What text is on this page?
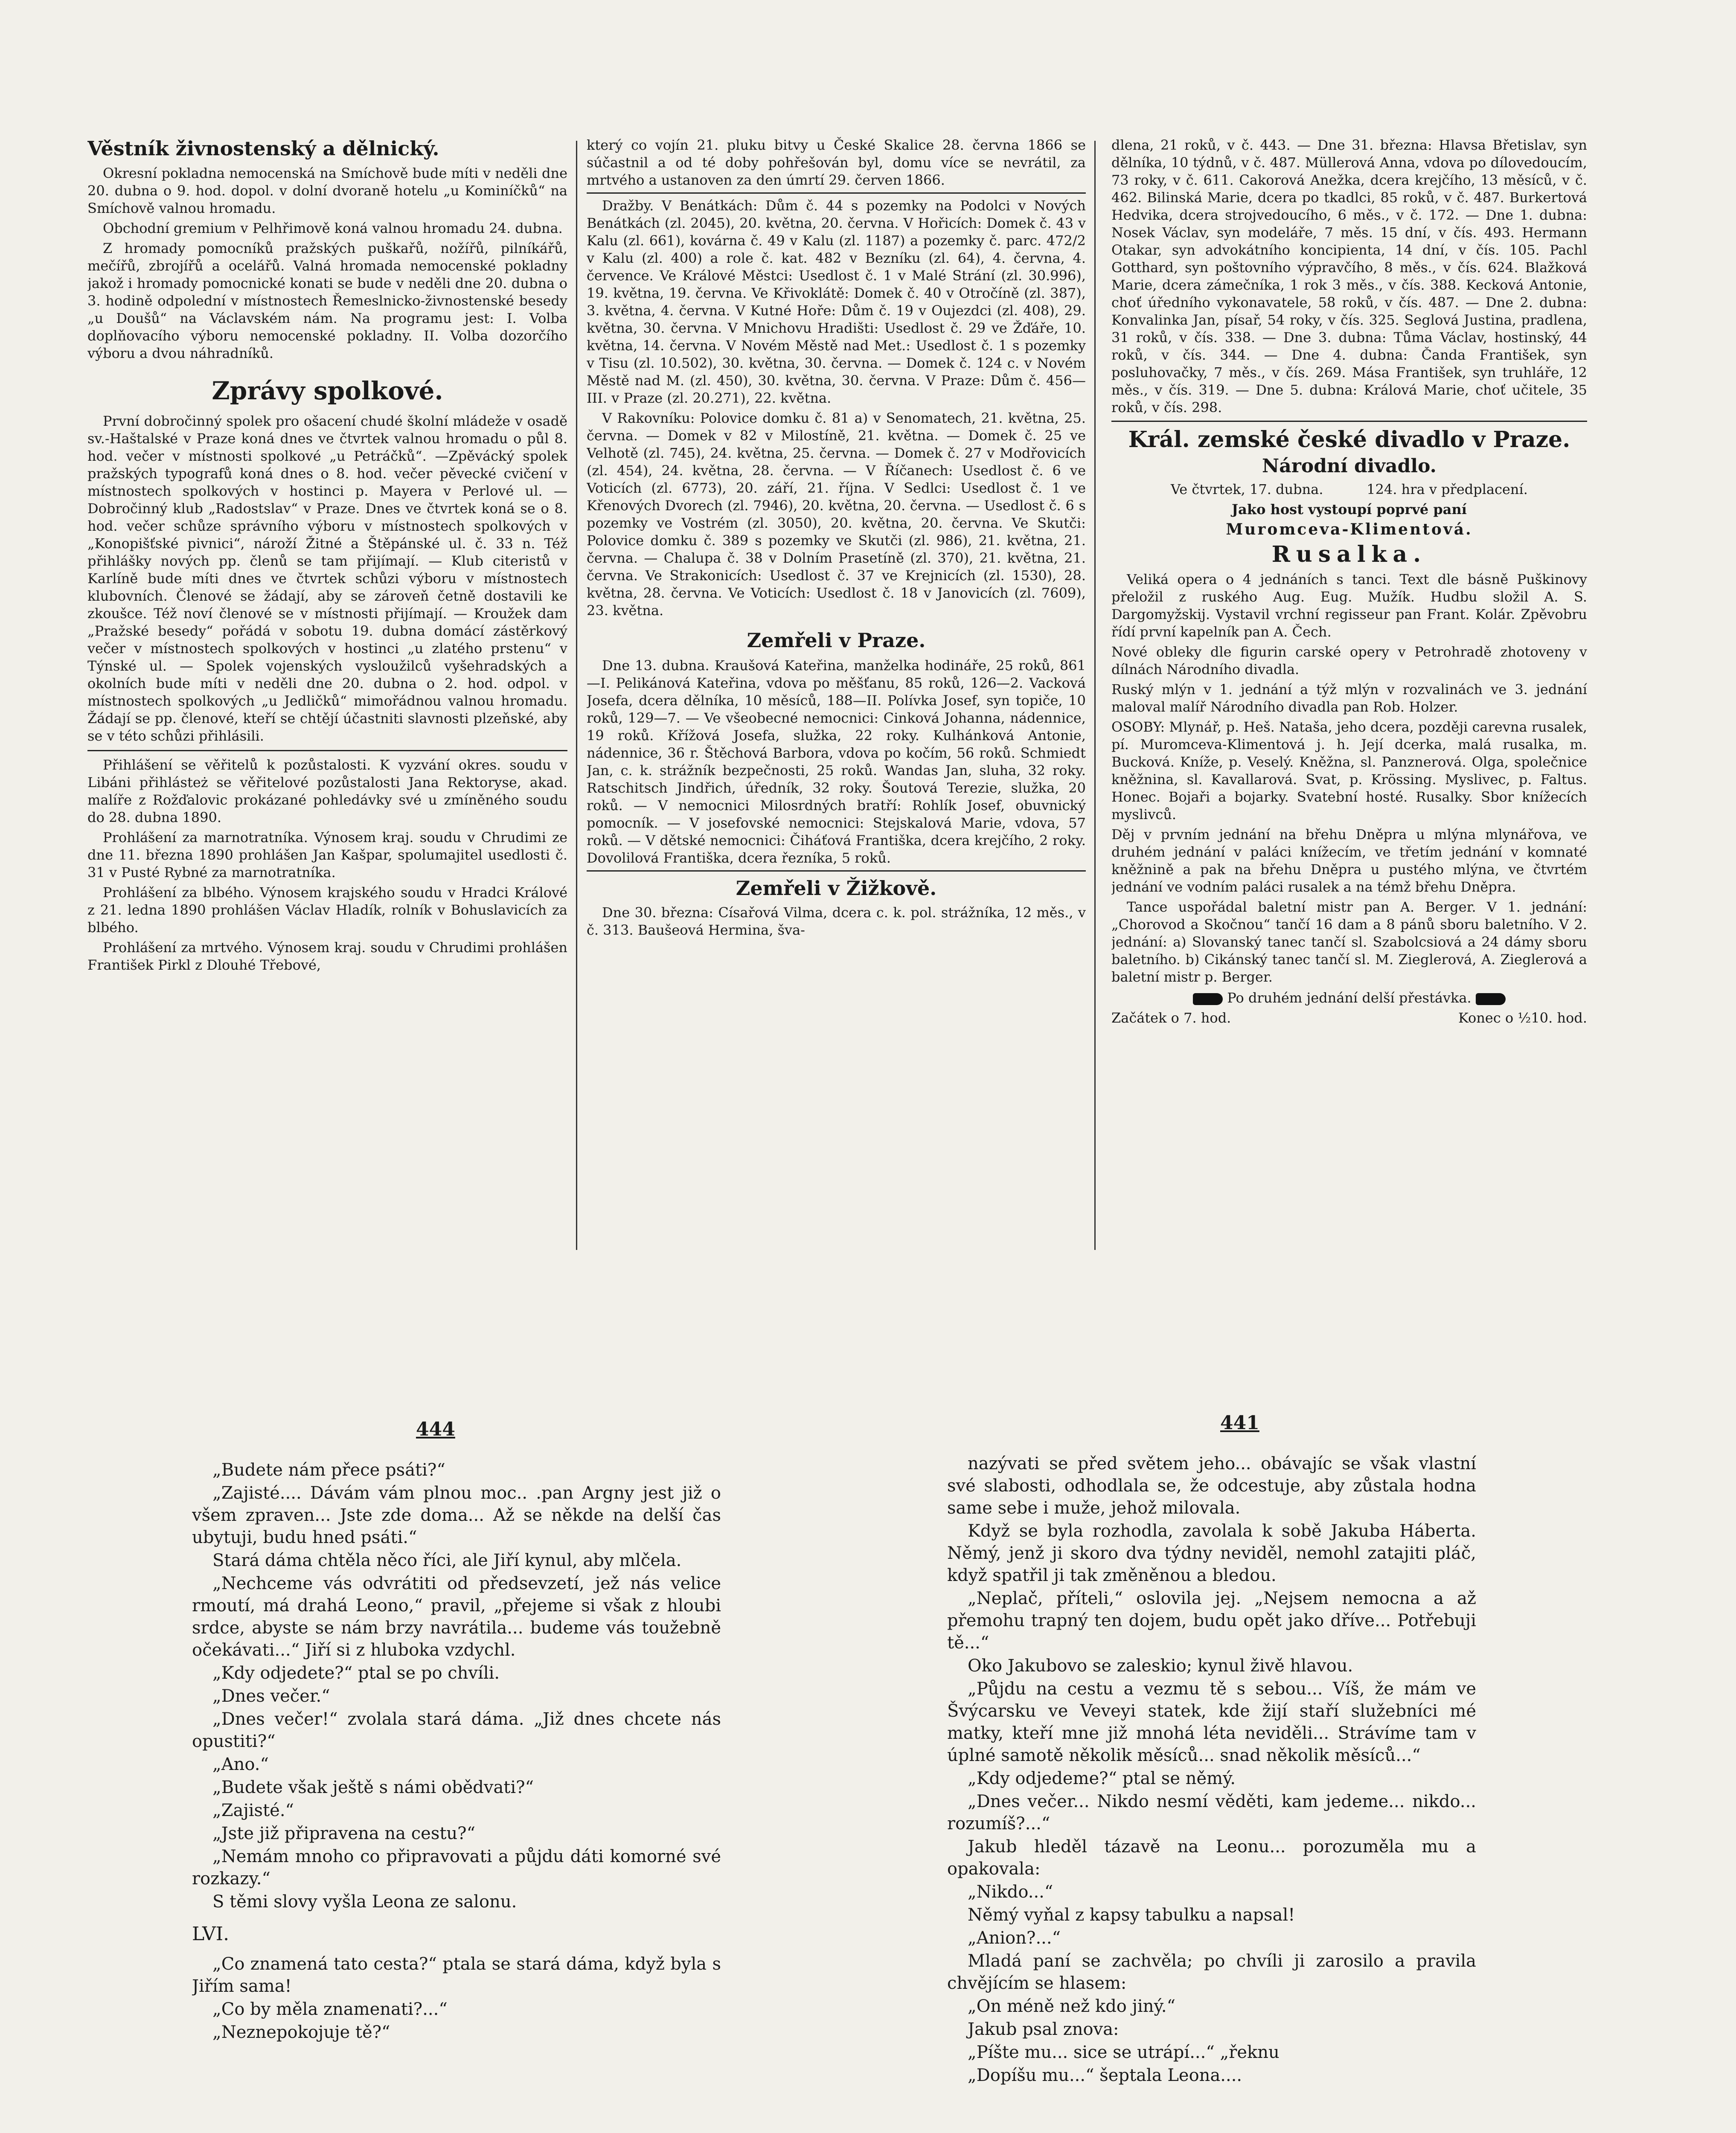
Věstník živnostenský a dělnický.

Okresní pokladna nemocenská na Smíchově bude míti v neděli dne 20. dubna o 9. hod. dopol. v dolní dvoraně hotelu „u Kominíčků“ na Smíchově valnou hromadu.

Obchodní gremium v Pelhřimově koná valnou hromadu 24. dubna.

Z hromady pomocníků pražských puškařů, nožířů, pilníkářů, mečířů, zbrojířů a ocelářů. Valná hromada nemocenské pokladny jakož i hromady pomocnické konati se bude v neděli dne 20. dubna o 3. hodině odpolední v místnostech Řemeslnicko-živnostenské besedy „u Doušů“ na Václavském nám. Na programu jest: I. Volba doplňovacího výboru nemocenské pokladny. II. Volba dozorčího výboru a dvou náhradníků.

Zprávy spolkové.

První dobročinný spolek pro ošacení chudé školní mládeže v osadě sv.-Haštalské v Praze koná dnes ve čtvrtek valnou hromadu o půl 8. hod. večer v místnosti spolkové „u Petráčků“. —Zpěvácký spolek pražských typografů koná dnes o 8. hod. večer pěvecké cvičení v místnostech spolkových v hostinci p. Mayera v Perlové ul. — Dobročinný klub „Radostslav“ v Praze. Dnes ve čtvrtek koná se o 8. hod. večer schůze správního výboru v místnostech spolkových v „Konopišťské pivnici“, nároží Žitné a Štěpánské ul. č. 33 n. Též přihlášky nových pp. členů se tam přijímají. — Klub citeristů v Karlíně bude míti dnes ve čtvrtek schůzi výboru v místnostech klubovních. Členové se žádají, aby se zároveň četně dostavili ke zkoušce. Též noví členové se v místnosti přijímají. — Kroužek dam „Pražské besedy“ pořádá v sobotu 19. dubna domácí zástěrkový večer v místnostech spolkových v hostinci „u zlatého prstenu“ v Týnské ul. — Spolek vojenských vysloužilců vyšehradských a okolních bude míti v neděli dne 20. dubna o 2. hod. odpol. v místnostech spolkových „u Jedličků“ mimořádnou valnou hromadu. Žádají se pp. členové, kteří se chtějí účastniti slavnosti plzeňské, aby se v této schůzi přihlásili.

Přihlášení se věřitelů k pozůstalosti. K vyzvání okres. soudu v Libáni přihlásteż se věřitelové pozůstalosti Jana Rektoryse, akad. malíře z Rožďalovic prokázané pohledávky své u zmíněného soudu do 28. dubna 1890.

Prohlášení za marnotratníka. Výnosem kraj. soudu v Chrudimi ze dne 11. března 1890 prohlášen Jan Kašpar, spolumajitel usedlosti č. 31 v Pusté Rybné za marnotratníka.

Prohlášení za blbého. Výnosem krajského soudu v Hradci Králové z 21. ledna 1890 prohlášen Václav Hladík, rolník v Bohuslavicích za blbého.

Prohlášení za mrtvého. Výnosem kraj. soudu v Chrudimi prohlášen František Pirkl z Dlouhé Třebové,

který co vojín 21. pluku bitvy u České Skalice 28. června 1866 se súčastnil a od té doby pohřešován byl, domu více se nevrátil, za mrtvého a ustanoven za den úmrtí 29. červen 1866.

Dražby. V Benátkách: Dům č. 44 s pozemky na Podolci v Nových Benátkách (zl. 2045), 20. května, 20. června. V Hořicích: Domek č. 43 v Kalu (zl. 661), kovárna č. 49 v Kalu (zl. 1187) a pozemky č. parc. 472/2 v Kalu (zl. 400) a role č. kat. 482 v Bezníku (zl. 64), 4. června, 4. července. Ve Králové Městci: Usedlost č. 1 v Malé Strání (zl. 30.996), 19. května, 19. června. Ve Křivoklátě: Domek č. 40 v Otročíně (zl. 387), 3. května, 4. června. V Kutné Hoře: Dům č. 19 v Oujezdci (zl. 408), 29. května, 30. června. V Mnichovu Hradišti: Usedlost č. 29 ve Žďáře, 10. května, 14. června. V Novém Městě nad Met.: Usedlost č. 1 s pozemky v Tisu (zl. 10.502), 30. května, 30. června. — Domek č. 124 c. v Novém Městě nad M. (zl. 450), 30. května, 30. června. V Praze: Dům č. 456—III. v Praze (zl. 20.271), 22. května.

V Rakovníku: Polovice domku č. 81 a) v Senomatech, 21. května, 25. června. — Domek v 82 v Milostíně, 21. května. — Domek č. 25 ve Velhotě (zl. 745), 24. května, 25. června. — Domek č. 27 v Modřovicích (zl. 454), 24. května, 28. června. — V Říčanech: Usedlost č. 6 ve Voticích (zl. 6773), 20. září, 21. října. V Sedlci: Usedlost č. 1 ve Křenových Dvorech (zl. 7946), 20. května, 20. června. — Usedlost č. 6 s pozemky ve Vostrém (zl. 3050), 20. května, 20. června. Ve Skutči: Polovice domku č. 389 s pozemky ve Skutči (zl. 986), 21. května, 21. června. — Chalupa č. 38 v Dolním Prasetíně (zl. 370), 21. května, 21. června. Ve Strakonicích: Usedlost č. 37 ve Krejnicích (zl. 1530), 28. května, 28. června. Ve Voticích: Usedlost č. 18 v Janovicích (zl. 7609), 23. května.

Zemřeli v Praze.

Dne 13. dubna. Kraušová Kateřina, manželka hodináře, 25 roků, 861—I. Pelikánová Kateřina, vdova po měšťanu, 85 roků, 126—2. Vacková Josefa, dcera dělníka, 10 měsíců, 188—II. Polívka Josef, syn topiče, 10 roků, 129—7. — Ve všeobecné nemocnici: Cinková Johanna, nádennice, 19 roků. Křížová Josefa, služka, 22 roky. Kulhánková Antonie, nádennice, 36 r. Štěchová Barbora, vdova po kočím, 56 roků. Schmiedt Jan, c. k. strážník bezpečnosti, 25 roků. Wandas Jan, sluha, 32 roky. Ratschitsch Jindřich, úředník, 32 roky. Šoutová Terezie, služka, 20 roků. — V nemocnici Milosrdných bratří: Rohlík Josef, obuvnický pomocník. — V josefovské nemocnici: Stejskalová Marie, vdova, 57 roků. — V dětské nemocnici: Čiháťová Františka, dcera krejčího, 2 roky. Dovolilová Františka, dcera řezníka, 5 roků.

Zemřeli v Žižkově.

Dne 30. března: Císařová Vilma, dcera c. k. pol. strážníka, 12 měs., v č. 313. Baušeová Hermina, šva-

dlena, 21 roků, v č. 443. — Dne 31. března: Hlavsa Břetislav, syn dělníka, 10 týdnů, v č. 487. Müllerová Anna, vdova po dílovedoucím, 73 roky, v č. 611. Cakorová Anežka, dcera krejčího, 13 měsíců, v č. 462. Bilinská Marie, dcera po tkadlci, 85 roků, v č. 487. Burkertová Hedvika, dcera strojvedoucího, 6 měs., v č. 172. — Dne 1. dubna: Nosek Václav, syn modeláře, 7 měs. 15 dní, v čís. 493. Hermann Otakar, syn advokátního koncipienta, 14 dní, v čís. 105. Pachl Gotthard, syn poštovního výpravčího, 8 měs., v čís. 624. Blažková Marie, dcera zámečníka, 1 rok 3 měs., v čís. 388. Kecková Antonie, choť úředního vykonavatele, 58 roků, v čís. 487. — Dne 2. dubna: Konvalinka Jan, písař, 54 roky, v čís. 325. Seglová Justina, pradlena, 31 roků, v čís. 338. — Dne 3. dubna: Tůma Václav, hostinský, 44 roků, v čís. 344. — Dne 4. dubna: Čanda František, syn posluhovačky, 7 měs., v čís. 269. Mása František, syn truhláře, 12 měs., v čís. 319. — Dne 5. dubna: Králová Marie, choť učitele, 35 roků, v čís. 298.

Král. zemské české divadlo v Praze.

Národní divadlo.

Ve čtvrtek, 17. dubna.          124. hra v předplacení.

Jako host vystoupí poprvé paní

Muromceva-Klimentová.

Rusalka.

Veliká opera o 4 jednáních s tanci. Text dle básně Puškinovy přeložil z ruského Aug. Eug. Mužík. Hudbu složil A. S. Dargomyžskij. Vystavil vrchní regisseur pan Frant. Kolár. Zpěvobru řídí první kapelník pan A. Čech.

Nové obleky dle figurin carské opery v Petrohradě zhotoveny v dílnách Národního divadla.

Ruský mlýn v 1. jednání a týž mlýn v rozvalinách ve 3. jednání maloval malíř Národního divadla pan Rob. Holzer.

OSOBY: Mlynář, p. Heš. Nataša, jeho dcera, později carevna rusalek, pí. Muromceva-Klimentová j. h. Její dcerka, malá rusalka, m. Bucková. Kníže, p. Veselý. Kněžna, sl. Panznerová. Olga, společnice kněžnina, sl. Kavallarová. Svat, p. Krössing. Myslivec, p. Faltus. Honec. Bojaři a bojarky. Svatební hosté. Rusalky. Sbor knížecích myslivců.

Děj v prvním jednání na břehu Dněpra u mlýna mlynářova, ve druhém jednání v paláci knížecím, ve třetím jednání v komnaté kněžnině a pak na břehu Dněpra u pustého mlýna, ve čtvrtém jednání ve vodním paláci rusalek a na témž břehu Dněpra.

Tance uspořádal baletní mistr pan A. Berger. V 1. jednání: „Chorovod a Skočnou“ tančí 16 dam a 8 pánů sboru baletního. V 2. jednání: a) Slovanský tanec tančí sl. Szabolcsiová a 24 dámy sboru baletního. b) Cikánský tanec tančí sl. M. Zieglerová, A. Zieglerová a baletní mistr p. Berger.

Po druhém jednání delší přestávka.

Začátek o 7. hod.	Konec o ½10. hod.

444

„Budete nám přece psáti?“

„Zajisté.... Dávám vám plnou moc.. .pan Argny jest již o všem zpraven... Jste zde doma... Až se někde na delší čas ubytuji, budu hned psáti.“

Stará dáma chtěla něco říci, ale Jiří kynul, aby mlčela.

„Nechceme vás odvrátiti od předsevzetí, jež nás velice rmoutí, má drahá Leono,“ pravil, „přejeme si však z hloubi srdce, abyste se nám brzy navrátila... budeme vás toužebně očekávati...“ Jiří si z hluboka vzdychl.

„Kdy odjedete?“ ptal se po chvíli.

„Dnes večer.“

„Dnes večer!“ zvolala stará dáma. „Již dnes chcete nás opustiti?“

„Ano.“

„Budete však ještě s námi obědvati?“

„Zajisté.“

„Jste již připravena na cestu?“

„Nemám mnoho co připravovati a půjdu dáti komorné své rozkazy.“

S těmi slovy vyšla Leona ze salonu.

LVI.

„Co znamená tato cesta?“ ptala se stará dáma, když byla s Jiřím sama!

„Co by měla znamenati?...“

„Neznepokojuje tě?“

441

nazývati se před světem jeho... obávajíc se však vlastní své slabosti, odhodlala se, že odcestuje, aby zůstala hodna same sebe i muže, jehož milovala.

Když se byla rozhodla, zavolala k sobě Jakuba Háberta. Němý, jenž ji skoro dva týdny neviděl, nemohl zatajiti pláč, když spatřil ji tak změněnou a bledou.

„Neplač, příteli,“ oslovila jej. „Nejsem nemocna a až přemohu trapný ten dojem, budu opět jako dříve... Potřebuji tě...“

Oko Jakubovo se zaleskio; kynul živě hlavou.

„Půjdu na cestu a vezmu tě s sebou... Víš, že mám ve Švýcarsku ve Veveyi statek, kde žijí staří služebníci mé matky, kteří mne již mnohá léta neviděli... Strávíme tam v úplné samotě několik měsíců... snad několik měsíců...“

„Kdy odjedeme?“ ptal se němý.

„Dnes večer... Nikdo nesmí věděti, kam jedeme... nikdo... rozumíš?...“

Jakub hleděl tázavě na Leonu... porozuměla mu a opakovala:

„Nikdo...“

Němý vyňal z kapsy tabulku a napsal!

„Anion?...“

Mladá paní se zachvěla; po chvíli ji zarosilo a pravila chvějícím se hlasem:

„On méně než kdo jiný.“

Jakub psal znova:

„Píšte mu... sice se utrápí...“ „řeknu

„Dopíšu mu...“ šeptala Leona....
